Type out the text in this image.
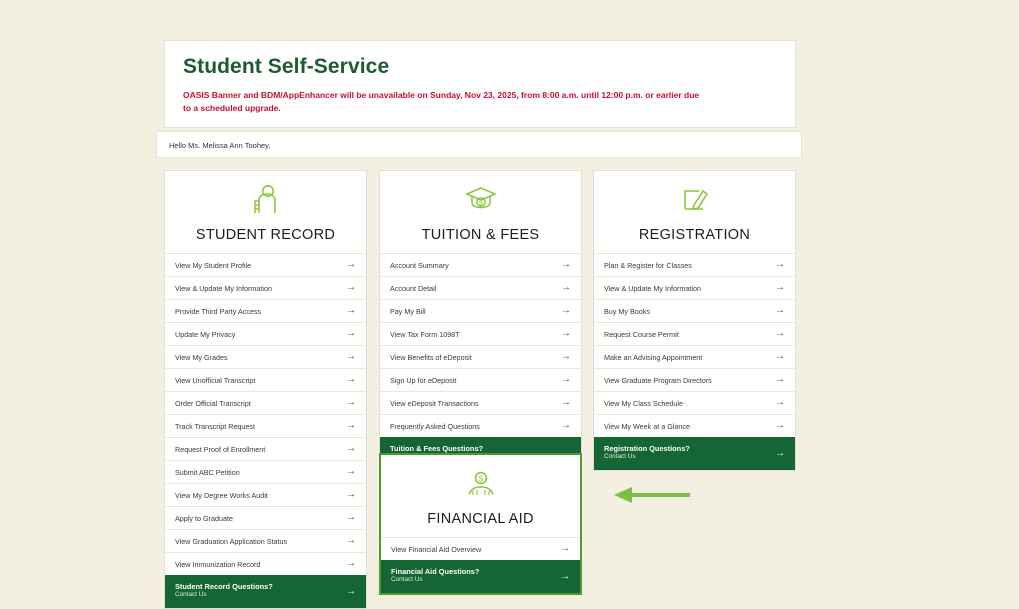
Student Self-Service
OASIS Banner and BDM/AppEnhancer will be unavailable on Sunday, Nov 23, 2025, from 8:00 a.m. until 12:00 p.m. or earlier due to a scheduled upgrade.
Hello Ms. Melissa Ann Toohey,
STUDENT RECORD
View My Student Profile	→
View & Update My Information	→
Provide Third Party Access	→
Update My Privacy	→
View My Grades	→
View Unofficial Transcript	→
Order Official Transcript	→
Track Transcript Request	→
Request Proof of Enrollment	→
Submit ABC Petition	→
View My Degree Works Audit	→
Apply to Graduate	→
View Graduation Application Status	→
View Immunization Record	→
Student Record Questions?
Contact Us	→
$
TUITION & FEES
Account Summary	→
Account Detail	→
Pay My Bill	→
View Tax Form 1098T	→
View Benefits of eDeposit	→
Sign Up for eDeposit	→
View eDeposit Transactions	→
Frequently Asked Questions	→
Tuition & Fees Questions?
REGISTRATION
Plan & Register for Classes	→
View & Update My Information	→
Buy My Books	→
Request Course Permit	→
Make an Advising Appointment	→
View Graduate Program Directors	→
View My Class Schedule	→
View My Week at a Glance	→
Registration Questions?
Contact Us	→
$
FINANCIAL AID
View Financial Aid Overview	→
Financial Aid Questions?
Contact Us	→
